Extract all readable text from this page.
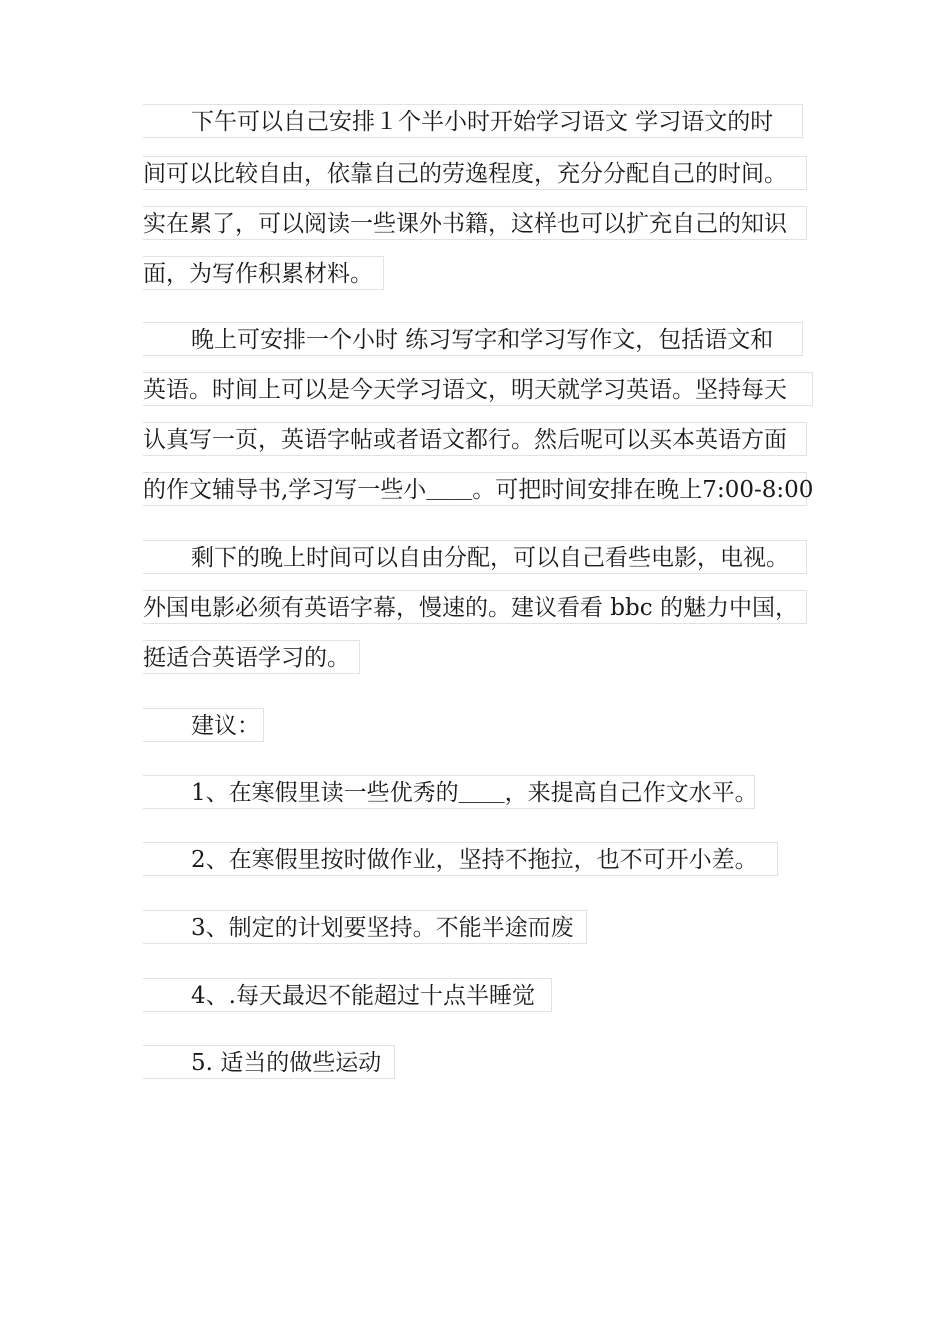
下午可以自己安排１个半小时开始学习语文 学习语文的时
间可以比较自由，依靠自己的劳逸程度，充分分配自己的时间。
实在累了，可以阅读一些课外书籍，这样也可以扩充自己的知识
面，为写作积累材料。
晚上可安排一个小时 练习写字和学习写作文，包括语文和
英语。时间上可以是今天学习语文，明天就学习英语。坚持每天
认真写一页，英语字帖或者语文都行。然后呢可以买本英语方面
的作文辅导书,学习写一些小＿＿。可把时间安排在晚上7:00-8:00
剩下的晚上时间可以自由分配，可以自己看些电影，电视。
外国电影必须有英语字幕，慢速的。建议看看 bbc 的魅力中国，
挺适合英语学习的。
建议：
1、在寒假里读一些优秀的＿＿，来提高自己作文水平。
2、在寒假里按时做作业，坚持不拖拉，也不可开小差。
3、制定的计划要坚持。不能半途而废
4、.每天最迟不能超过十点半睡觉
5. 适当的做些运动
